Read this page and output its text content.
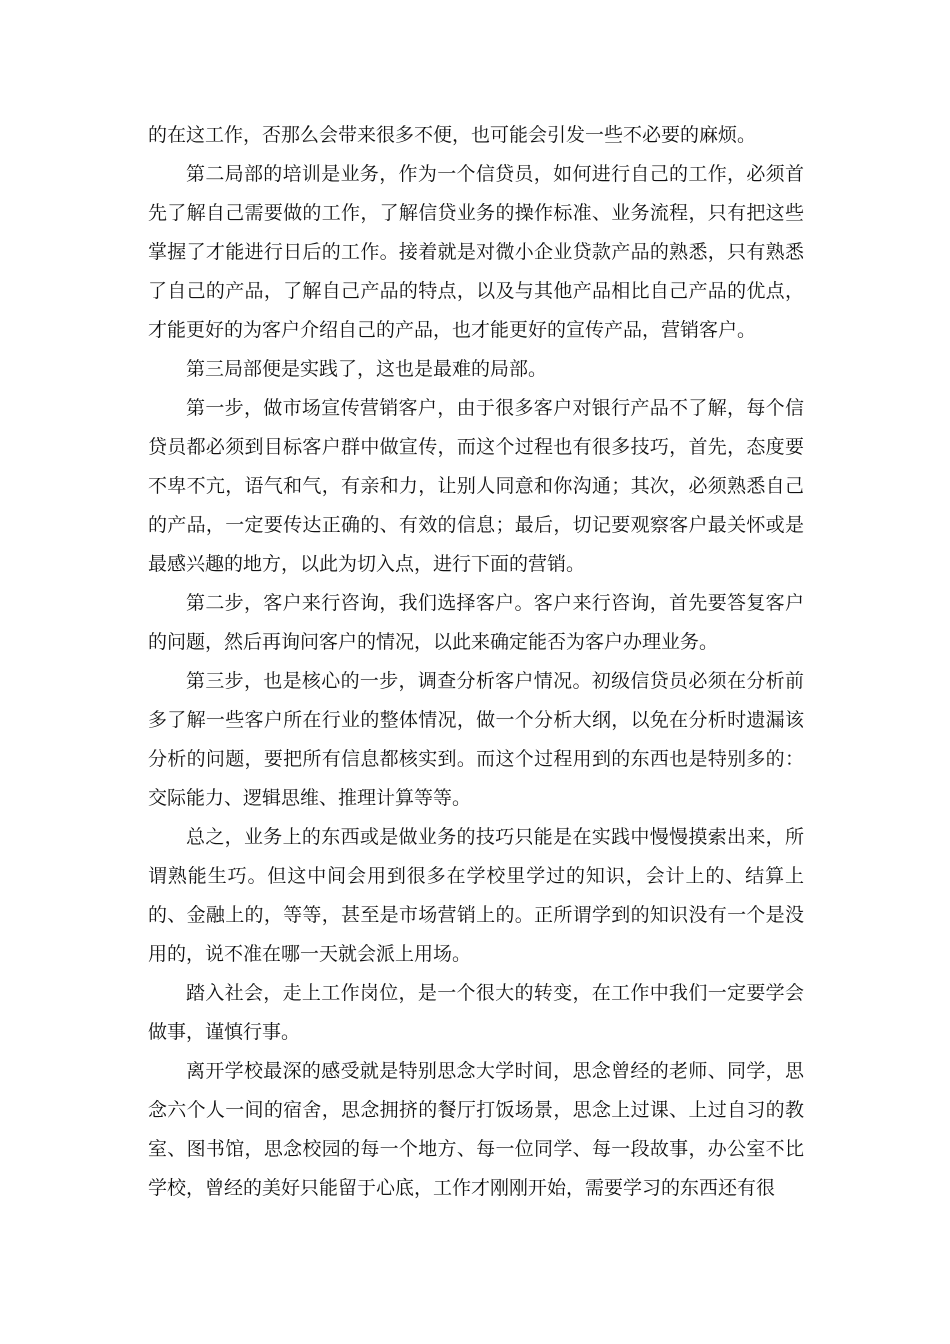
的在这工作，否那么会带来很多不便，也可能会引发一些不必要的麻烦。

第二局部的培训是业务，作为一个信贷员，如何进行自己的工作，必须首先了解自己需要做的工作，了解信贷业务的操作标准、业务流程，只有把这些掌握了才能进行日后的工作。接着就是对微小企业贷款产品的熟悉，只有熟悉了自己的产品，了解自己产品的特点，以及与其他产品相比自己产品的优点，才能更好的为客户介绍自己的产品，也才能更好的宣传产品，营销客户。

第三局部便是实践了，这也是最难的局部。

第一步，做市场宣传营销客户，由于很多客户对银行产品不了解，每个信贷员都必须到目标客户群中做宣传，而这个过程也有很多技巧，首先，态度要不卑不亢，语气和气，有亲和力，让别人同意和你沟通；其次，必须熟悉自己的产品，一定要传达正确的、有效的信息；最后，切记要观察客户最关怀或是最感兴趣的地方，以此为切入点，进行下面的营销。

第二步，客户来行咨询，我们选择客户。客户来行咨询，首先要答复客户的问题，然后再询问客户的情况，以此来确定能否为客户办理业务。

第三步，也是核心的一步，调查分析客户情况。初级信贷员必须在分析前多了解一些客户所在行业的整体情况，做一个分析大纲，以免在分析时遗漏该分析的问题，要把所有信息都核实到。而这个过程用到的东西也是特别多的：交际能力、逻辑思维、推理计算等等。

总之，业务上的东西或是做业务的技巧只能是在实践中慢慢摸索出来，所谓熟能生巧。但这中间会用到很多在学校里学过的知识，会计上的、结算上的、金融上的，等等，甚至是市场营销上的。正所谓学到的知识没有一个是没用的，说不准在哪一天就会派上用场。

踏入社会，走上工作岗位，是一个很大的转变，在工作中我们一定要学会做事，谨慎行事。

离开学校最深的感受就是特别思念大学时间，思念曾经的老师、同学，思念六个人一间的宿舍，思念拥挤的餐厅打饭场景，思念上过课、上过自习的教室、图书馆，思念校园的每一个地方、每一位同学、每一段故事，办公室不比学校，曾经的美好只能留于心底，工作才刚刚开始，需要学习的东西还有很
